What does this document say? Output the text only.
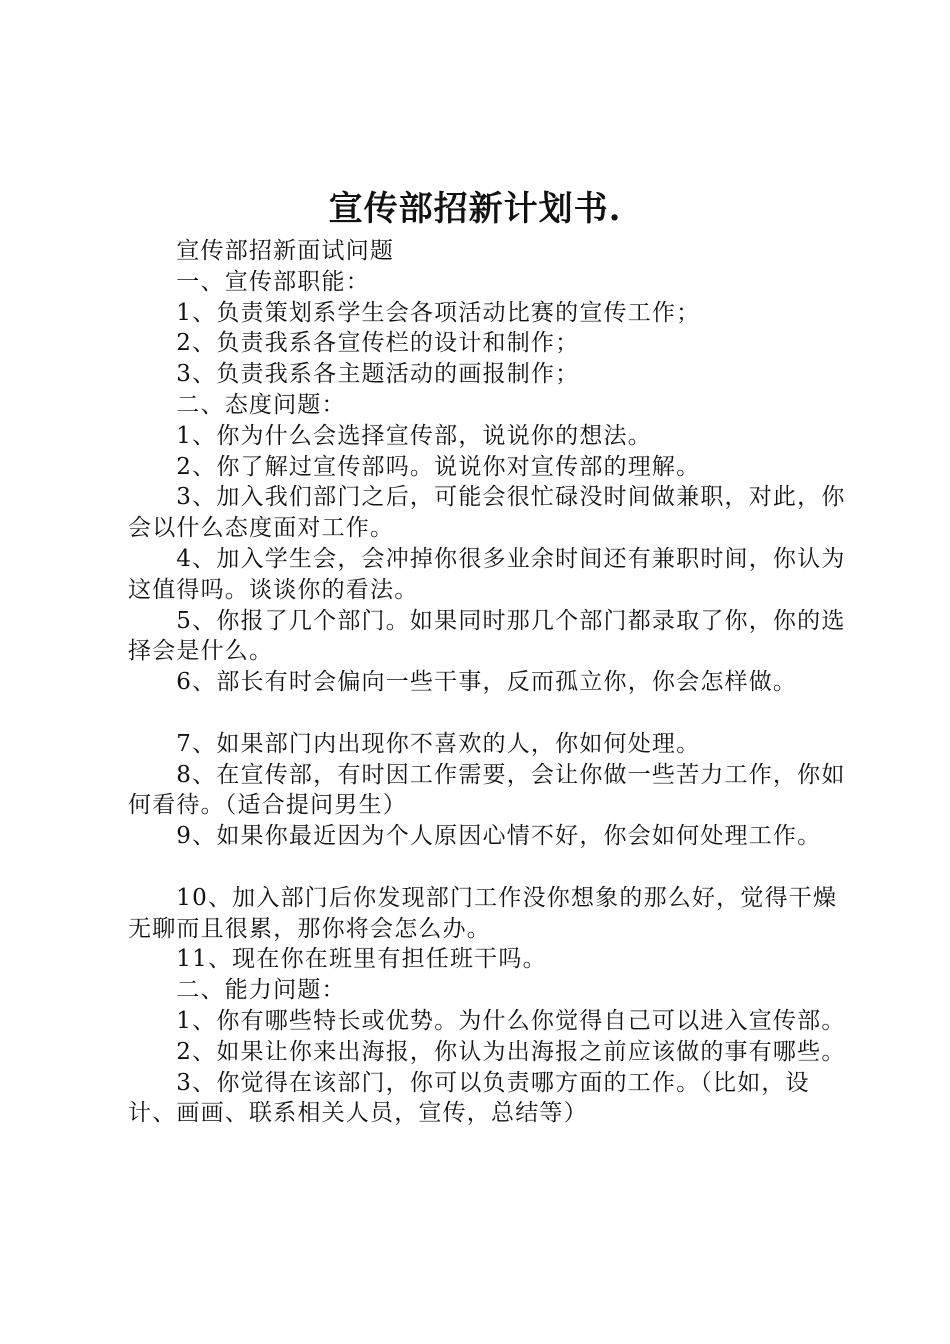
宣传部招新计划书.

宣传部招新面试问题

一、宣传部职能：

1、负责策划系学生会各项活动比赛的宣传工作；

2、负责我系各宣传栏的设计和制作；

3、负责我系各主题活动的画报制作；

二、态度问题：

1、你为什么会选择宣传部，说说你的想法。

2、你了解过宣传部吗。说说你对宣传部的理解。

3、加入我们部门之后，可能会很忙碌没时间做兼职，对此，你会以什么态度面对工作。

4、加入学生会，会冲掉你很多业余时间还有兼职时间，你认为这值得吗。谈谈你的看法。

5、你报了几个部门。如果同时那几个部门都录取了你，你的选择会是什么。

6、部长有时会偏向一些干事，反而孤立你，你会怎样做。

7、如果部门内出现你不喜欢的人，你如何处理。

8、在宣传部，有时因工作需要，会让你做一些苦力工作，你如何看待。（适合提问男生）

9、如果你最近因为个人原因心情不好，你会如何处理工作。

10、加入部门后你发现部门工作没你想象的那么好，觉得干燥无聊而且很累，那你将会怎么办。

11、现在你在班里有担任班干吗。

二、能力问题：

1、你有哪些特长或优势。为什么你觉得自己可以进入宣传部。

2、如果让你来出海报，你认为出海报之前应该做的事有哪些。

3、你觉得在该部门，你可以负责哪方面的工作。（比如，设计、画画、联系相关人员，宣传，总结等）
